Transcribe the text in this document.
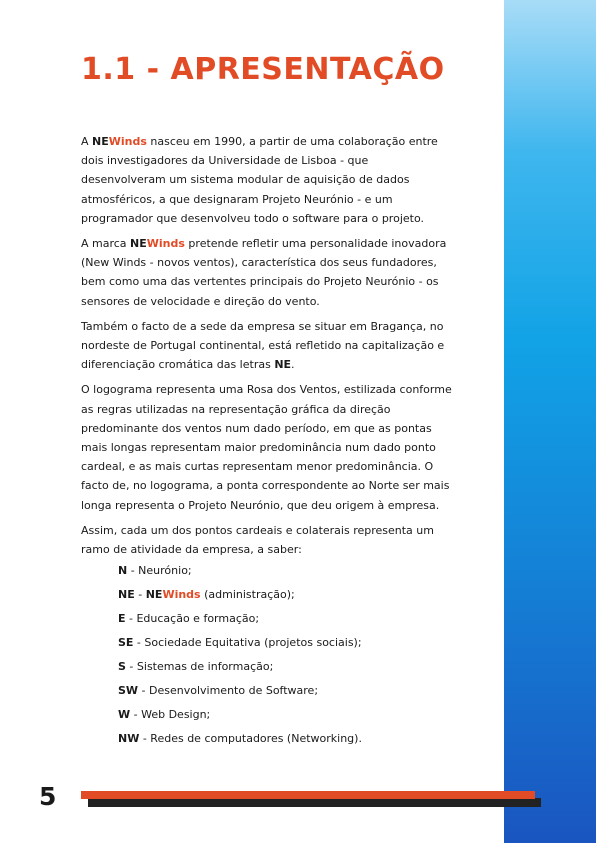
1.1 - APRESENTAÇÃO

A NEWinds nasceu em 1990, a partir de uma colaboração entre dois investigadores da Universidade de Lisboa - que desenvolveram um sistema modular de aquisição de dados atmosféricos, a que designaram Projeto Neurónio - e um programador que desenvolveu todo o software para o projeto.

A marca NEWinds pretende refletir uma personalidade inovadora (New Winds - novos ventos), característica dos seus fundadores, bem como uma das vertentes principais do Projeto Neurónio - os sensores de velocidade e direção do vento.

Também o facto de a sede da empresa se situar em Bragança, no nordeste de Portugal continental, está refletido na capitalização e diferenciação cromática das letras NE.

O logograma representa uma Rosa dos Ventos, estilizada conforme as regras utilizadas na representação gráfica da direção predominante dos ventos num dado período, em que as pontas mais longas representam maior predominância num dado ponto cardeal, e as mais curtas representam menor predominância. O facto de, no logograma, a ponta correspondente ao Norte ser mais longa representa o Projeto Neurónio, que deu origem à empresa.

Assim, cada um dos pontos cardeais e colaterais representa um ramo de atividade da empresa, a saber:

N - Neurónio;
NE - NEWinds (administração);
E - Educação e formação;
SE - Sociedade Equitativa (projetos sociais);
S - Sistemas de informação;
SW - Desenvolvimento de Software;
W - Web Design;
NW - Redes de computadores (Networking).
5
